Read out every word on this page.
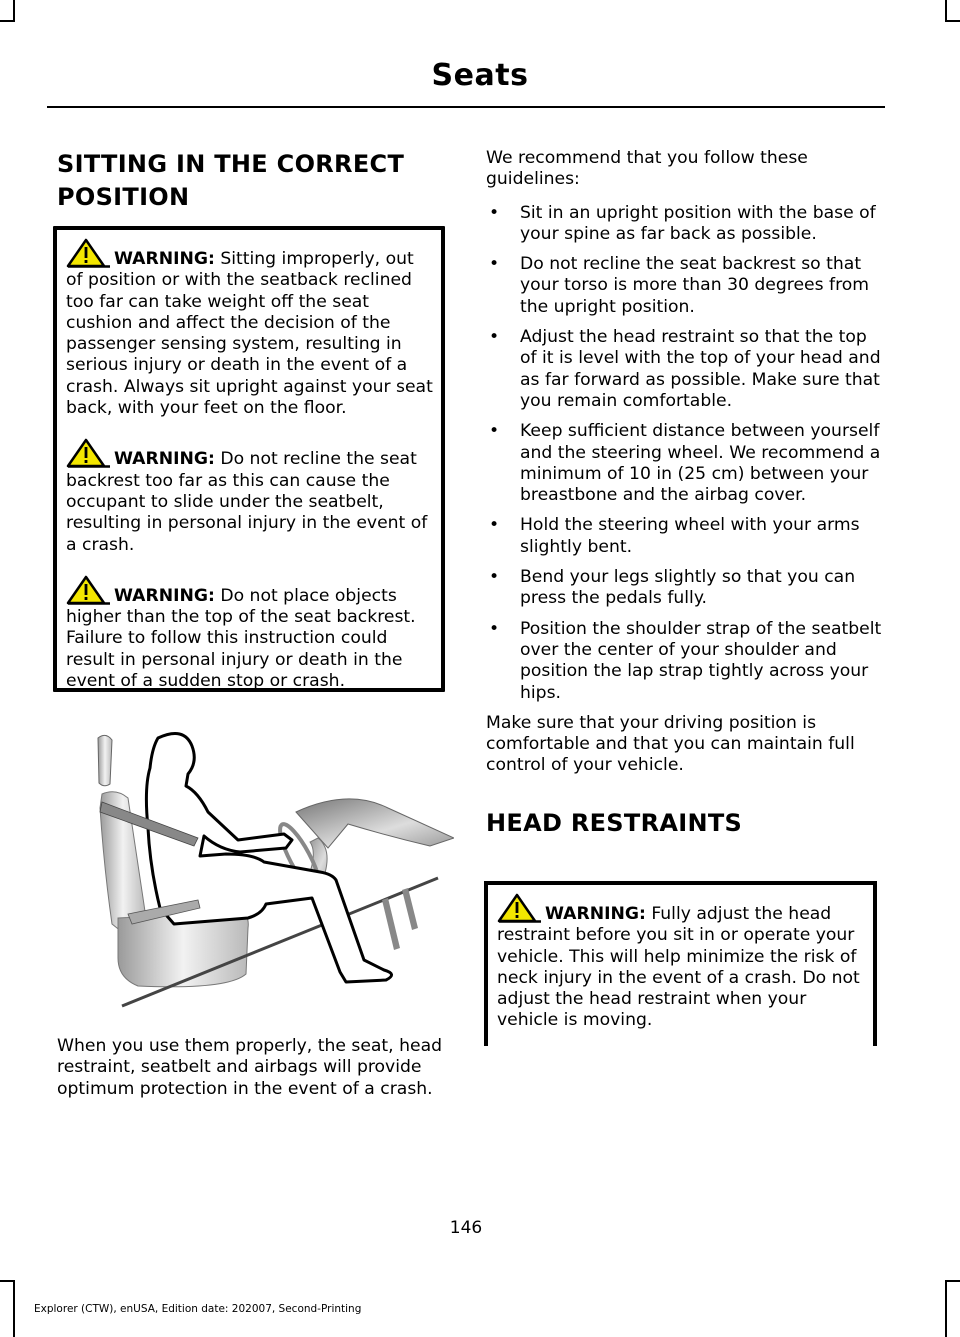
Seats
SITTING IN THE CORRECT POSITION

WARNING: Sitting improperly, out of position or with the seatback reclined too far can take weight off the seat cushion and affect the decision of the passenger sensing system, resulting in serious injury or death in the event of a crash. Always sit upright against your seat back, with your feet on the floor.

WARNING: Do not recline the seat backrest too far as this can cause the occupant to slide under the seatbelt, resulting in personal injury in the event of a crash.

WARNING: Do not place objects higher than the top of the seat backrest. Failure to follow this instruction could result in personal injury or death in the event of a sudden stop or crash.

When you use them properly, the seat, head restraint, seatbelt and airbags will provide optimum protection in the event of a crash.

We recommend that you follow these guidelines:

• Sit in an upright position with the base of your spine as far back as possible.
• Do not recline the seat backrest so that your torso is more than 30 degrees from the upright position.
• Adjust the head restraint so that the top of it is level with the top of your head and as far forward as possible. Make sure that you remain comfortable.
• Keep sufficient distance between yourself and the steering wheel. We recommend a minimum of 10 in (25 cm) between your breastbone and the airbag cover.
• Hold the steering wheel with your arms slightly bent.
• Bend your legs slightly so that you can press the pedals fully.
• Position the shoulder strap of the seatbelt over the center of your shoulder and position the lap strap tightly across your hips.

Make sure that your driving position is comfortable and that you can maintain full control of your vehicle.

HEAD RESTRAINTS

WARNING: Fully adjust the head restraint before you sit in or operate your vehicle. This will help minimize the risk of neck injury in the event of a crash. Do not adjust the head restraint when your vehicle is moving.

146
Explorer (CTW), enUSA, Edition date: 202007, Second-Printing
